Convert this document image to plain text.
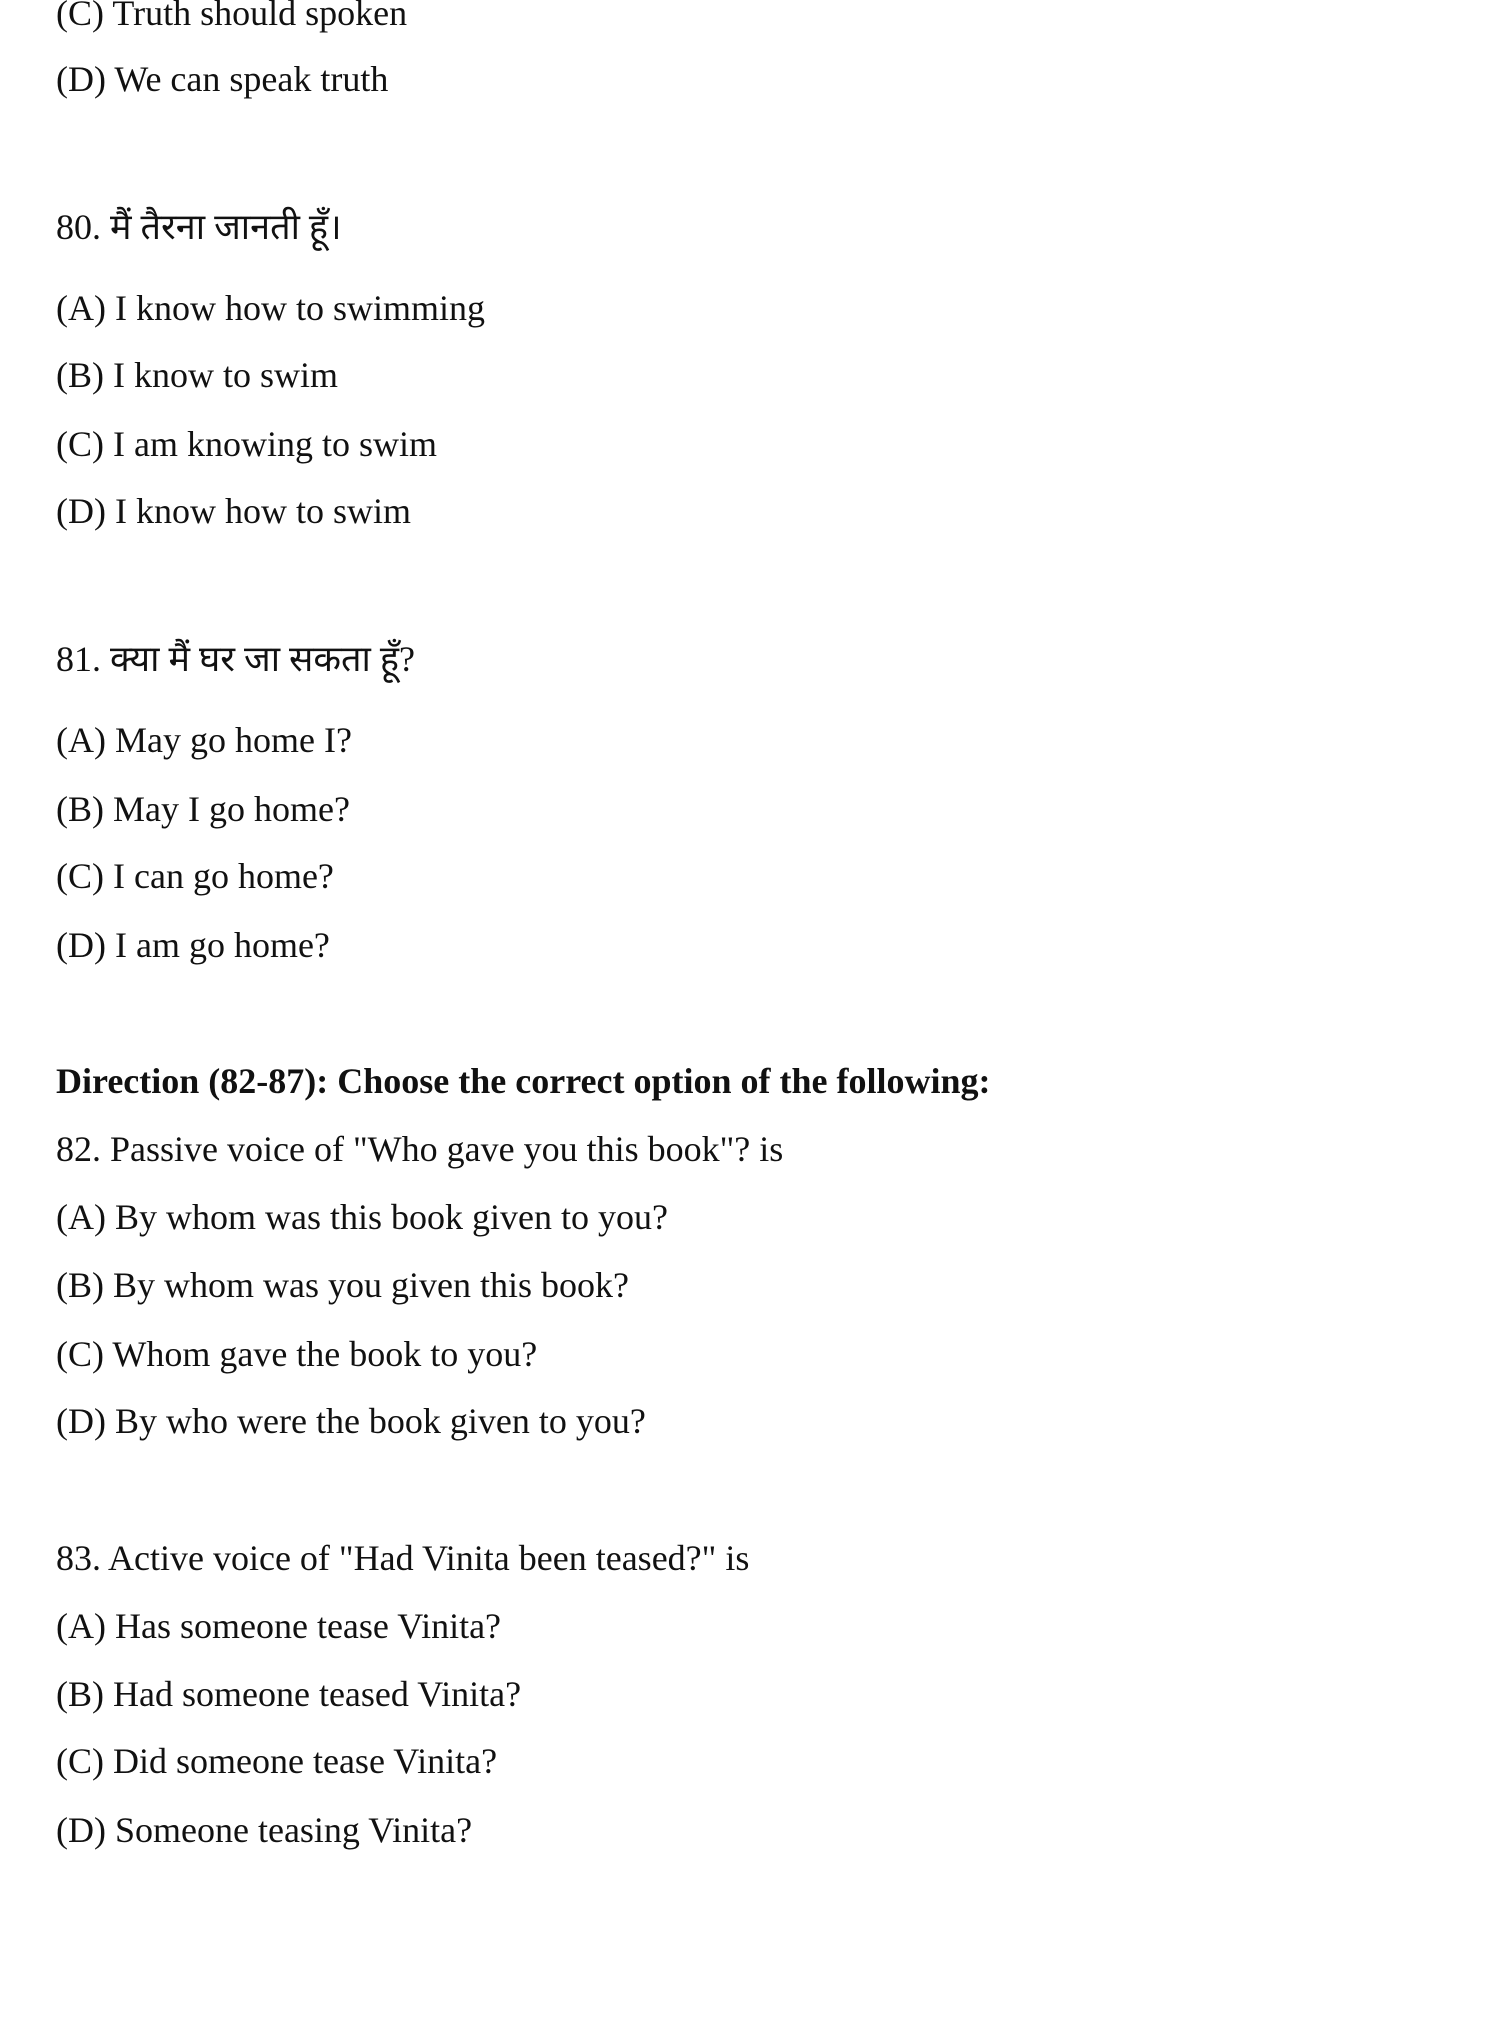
(C) Truth should spoken
(D) We can speak truth
80. मैं तैरना जानती हूँ।
(A) I know how to swimming
(B) I know to swim
(C) I am knowing to swim
(D) I know how to swim
81. क्या मैं घर जा सकता हूँ?
(A) May go home I?
(B) May I go home?
(C) I can go home?
(D) I am go home?
Direction (82-87): Choose the correct option of the following:
82. Passive voice of "Who gave you this book"? is
(A) By whom was this book given to you?
(B) By whom was you given this book?
(C) Whom gave the book to you?
(D) By who were the book given to you?
83. Active voice of "Had Vinita been teased?" is
(A) Has someone tease Vinita?
(B) Had someone teased Vinita?
(C) Did someone tease Vinita?
(D) Someone teasing Vinita?
